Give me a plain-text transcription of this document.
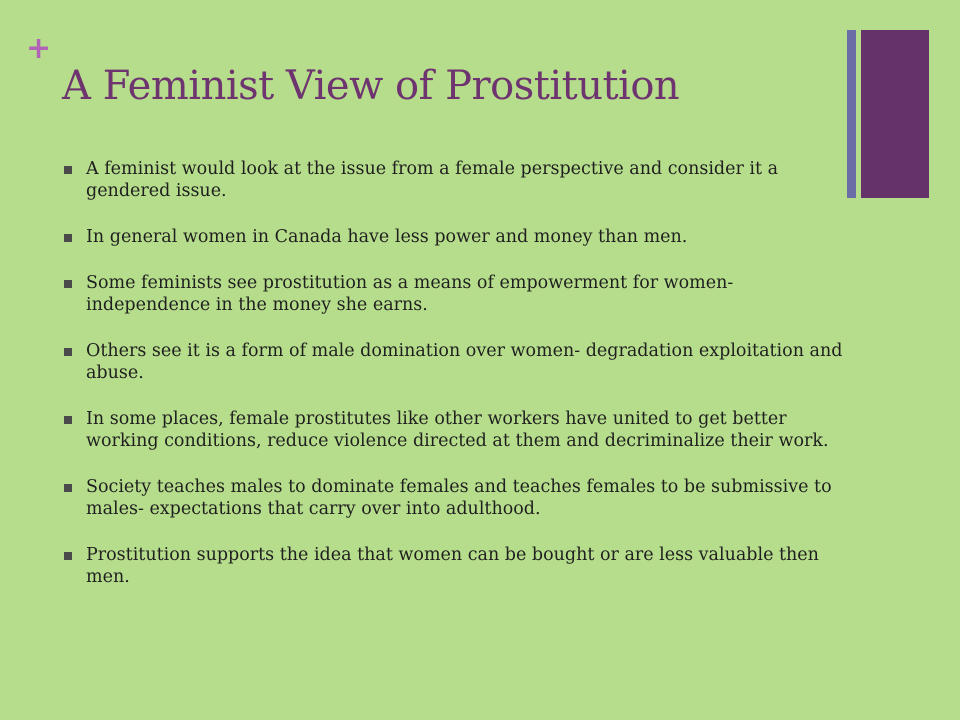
+
A Feminist View of Prostitution
A feminist would look at the issue from a female perspective and consider it a gendered issue.
In general women in Canada have less power and money than men.
Some feminists see prostitution as a means of empowerment for women- independence in the money she earns.
Others see it is a form of male domination over women- degradation exploitation and abuse.
In some places, female prostitutes like other workers have united to get better working conditions, reduce violence directed at them and decriminalize their work.
Society teaches males to dominate females and teaches females to be submissive to males- expectations that carry over into adulthood.
Prostitution supports the idea that women can be bought or are less valuable then men.
